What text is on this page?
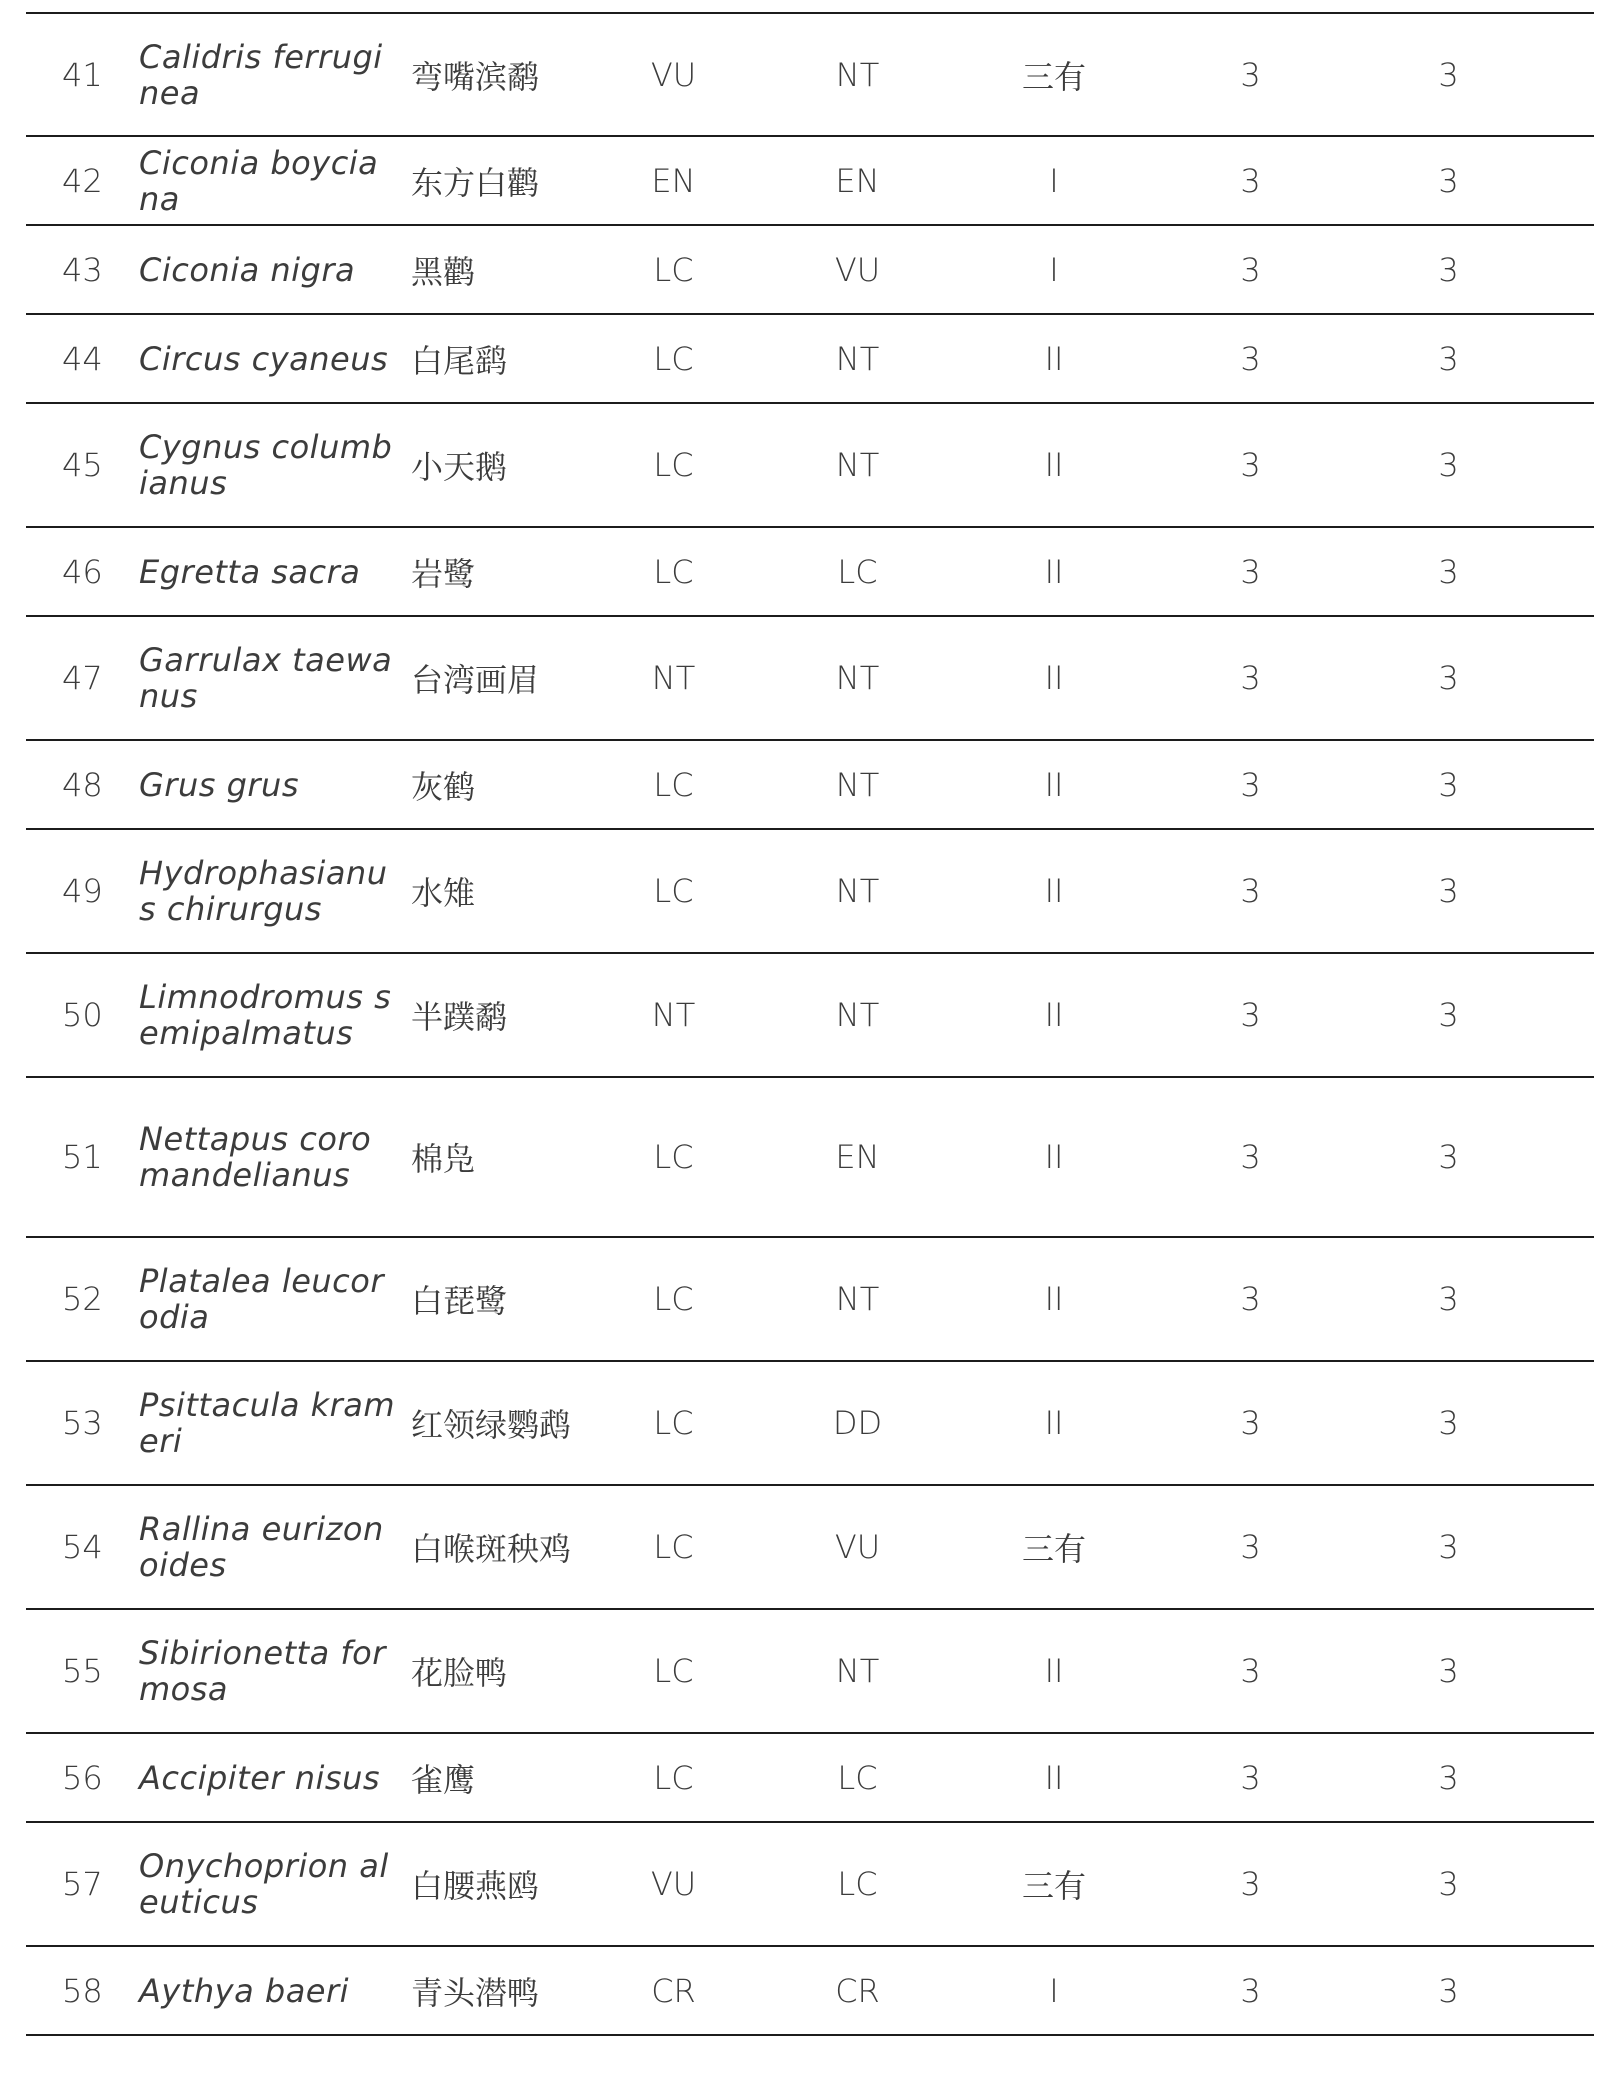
41	Calidris ferruginea	弯嘴滨鹬	VU	NT	三有	3	3
42	Ciconia boyciana	东方白鹳	EN	EN	I	3	3
43	Ciconia nigra	黑鹳	LC	VU	I	3	3
44	Circus cyaneus	白尾鹞	LC	NT	II	3	3
45	Cygnus columbianus	小天鹅	LC	NT	II	3	3
46	Egretta sacra	岩鹭	LC	LC	II	3	3
47	Garrulax taewanus	台湾画眉	NT	NT	II	3	3
48	Grus grus	灰鹤	LC	NT	II	3	3
49	Hydrophasianus chirurgus	水雉	LC	NT	II	3	3
50	Limnodromus semipalmatus	半蹼鹬	NT	NT	II	3	3
51	Nettapus coromandelianus	棉凫	LC	EN	II	3	3
52	Platalea leucorodia	白琵鹭	LC	NT	II	3	3
53	Psittacula krameri	红领绿鹦鹉	LC	DD	II	3	3
54	Rallina eurizonoides	白喉斑秧鸡	LC	VU	三有	3	3
55	Sibirionetta formosa	花脸鸭	LC	NT	II	3	3
56	Accipiter nisus	雀鹰	LC	LC	II	3	3
57	Onychoprion aleuticus	白腰燕鸥	VU	LC	三有	3	3
58	Aythya baeri	青头潜鸭	CR	CR	I	3	3
